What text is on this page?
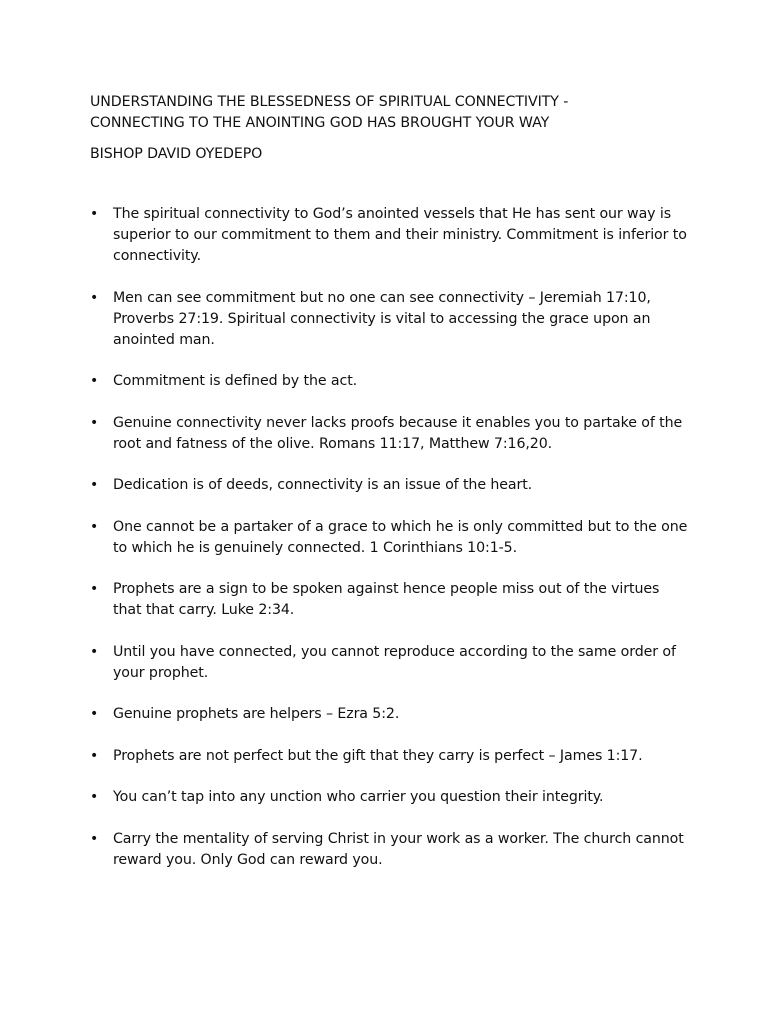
UNDERSTANDING THE BLESSEDNESS OF SPIRITUAL CONNECTIVITY -

CONNECTING TO THE ANOINTING GOD HAS BROUGHT YOUR WAY

BISHOP DAVID OYEDEPO

• The spiritual connectivity to God’s anointed vessels that He has sent our way is superior to our commitment to them and their ministry. Commitment is inferior to connectivity.
• Men can see commitment but no one can see connectivity – Jeremiah 17:10, Proverbs 27:19. Spiritual connectivity is vital to accessing the grace upon an anointed man.
• Commitment is defined by the act.
• Genuine connectivity never lacks proofs because it enables you to partake of the root and fatness of the olive. Romans 11:17, Matthew 7:16,20.
• Dedication is of deeds, connectivity is an issue of the heart.
• One cannot be a partaker of a grace to which he is only committed but to the one to which he is genuinely connected. 1 Corinthians 10:1-5.
• Prophets are a sign to be spoken against hence people miss out of the virtues that that carry. Luke 2:34.
• Until you have connected, you cannot reproduce according to the same order of your prophet.
• Genuine prophets are helpers – Ezra 5:2.
• Prophets are not perfect but the gift that they carry is perfect – James 1:17.
• You can’t tap into any unction who carrier you question their integrity.
• Carry the mentality of serving Christ in your work as a worker. The church cannot reward you. Only God can reward you.
